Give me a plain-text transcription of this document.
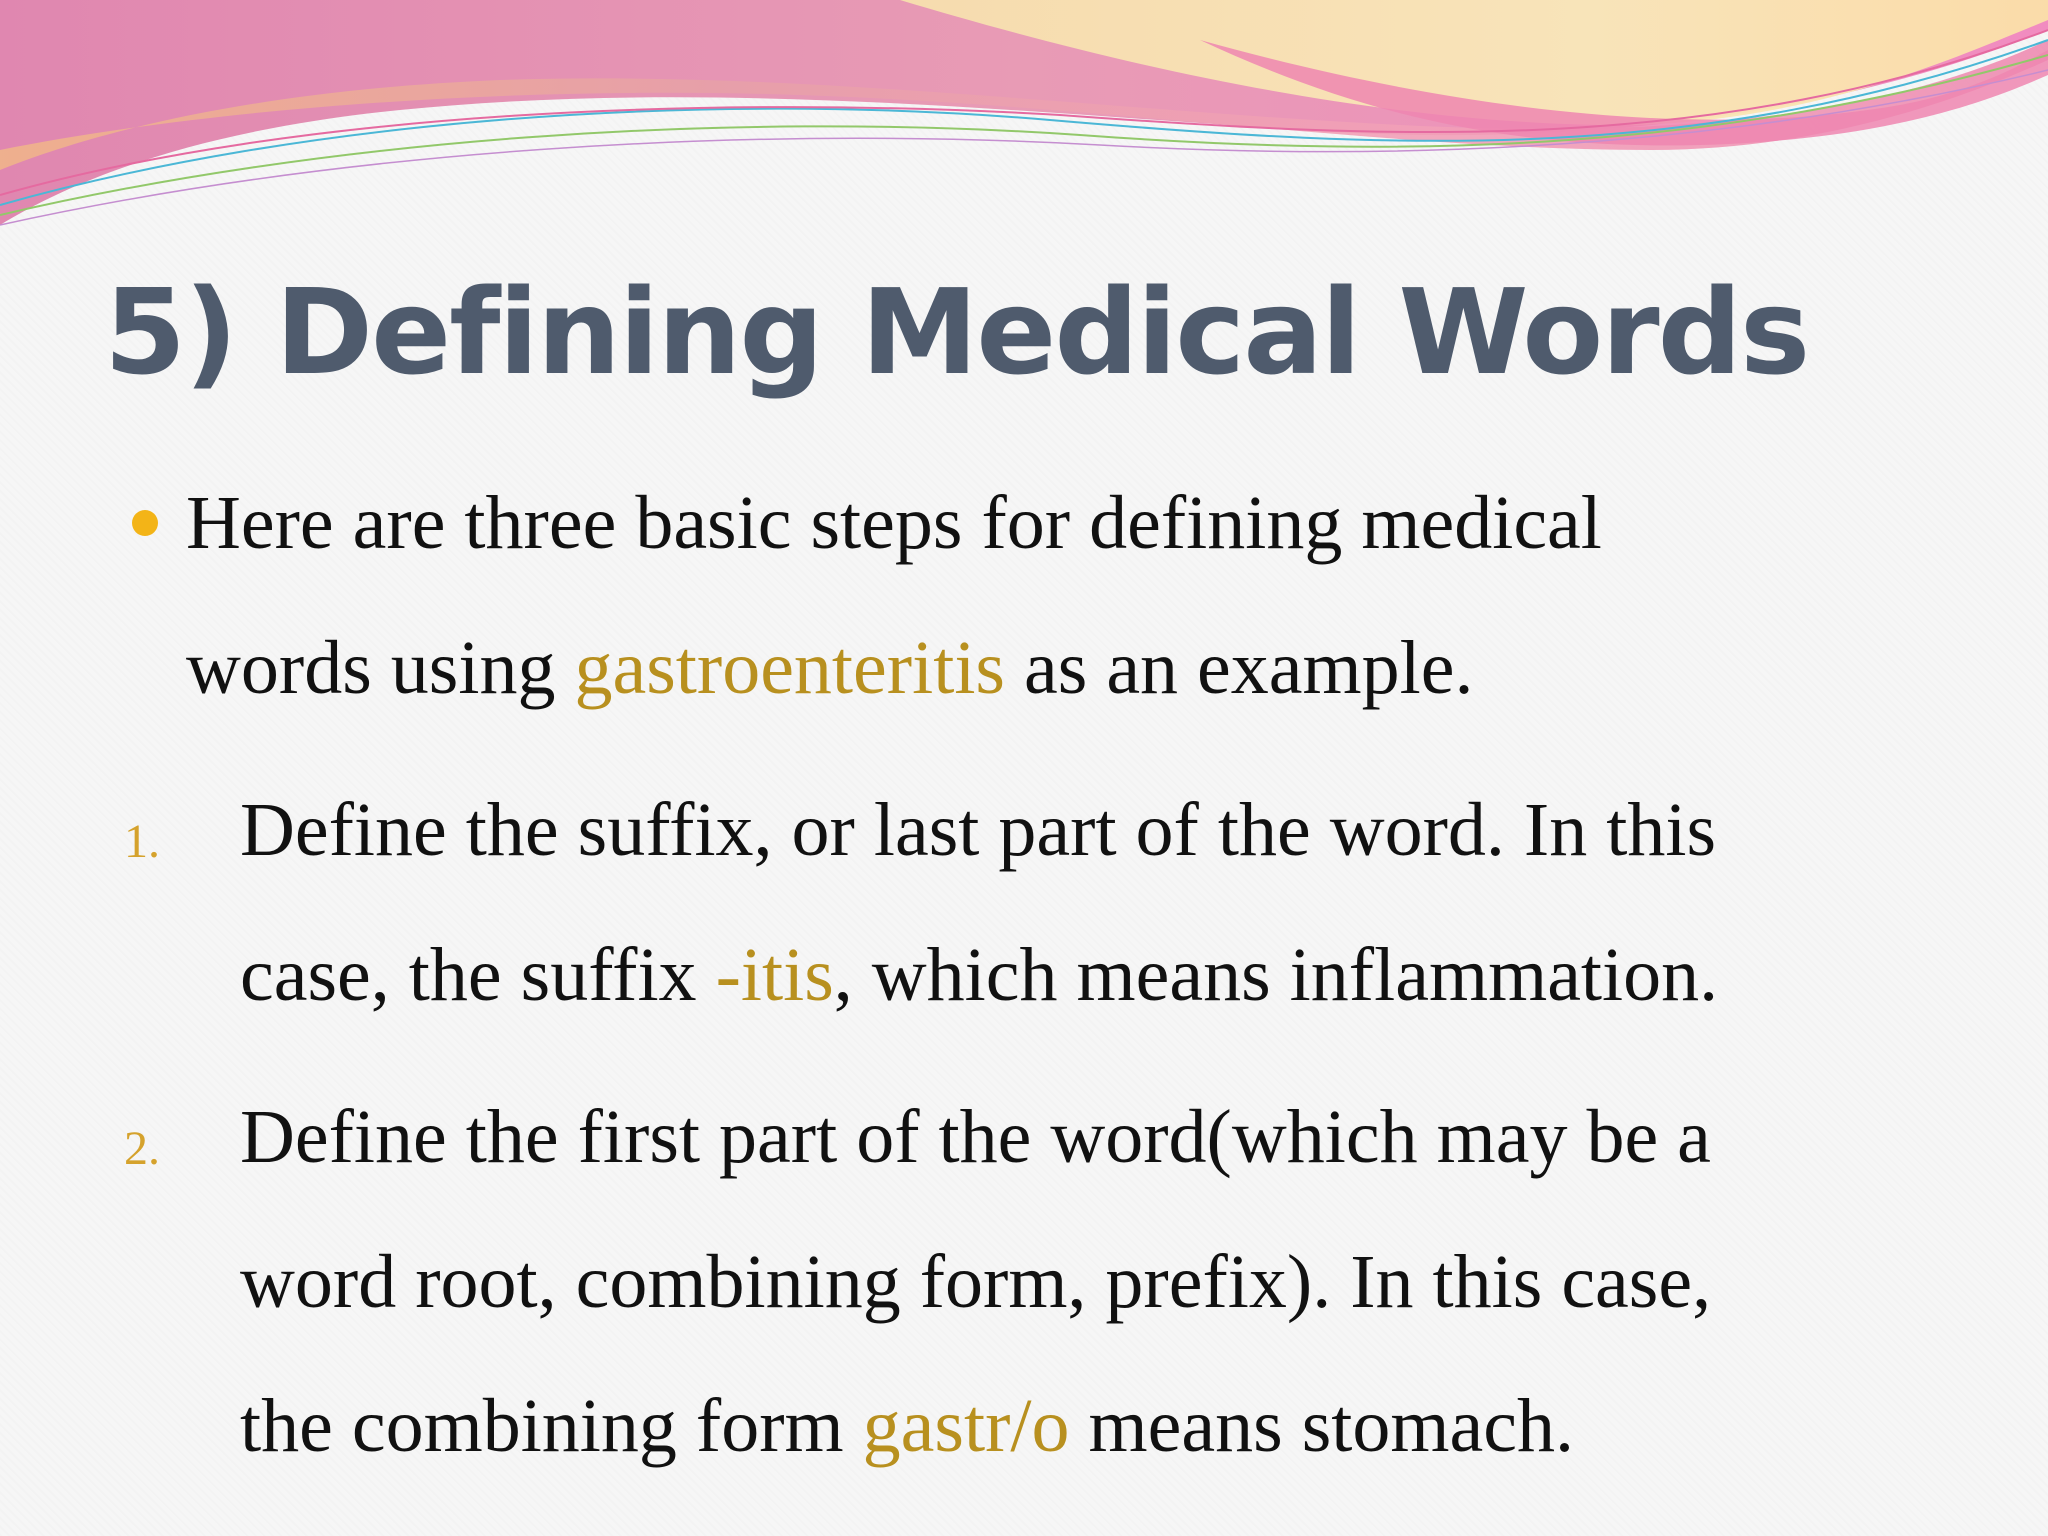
5) Defining Medical Words

Here are three basic steps for defining medical

words using gastroenteritis as an example.

1. Define the suffix, or last part of the word. In this

case, the suffix -itis, which means inflammation.

2. Define the first part of the word(which may be a

word root, combining form, prefix). In this case,

the combining form gastr/o means stomach.
